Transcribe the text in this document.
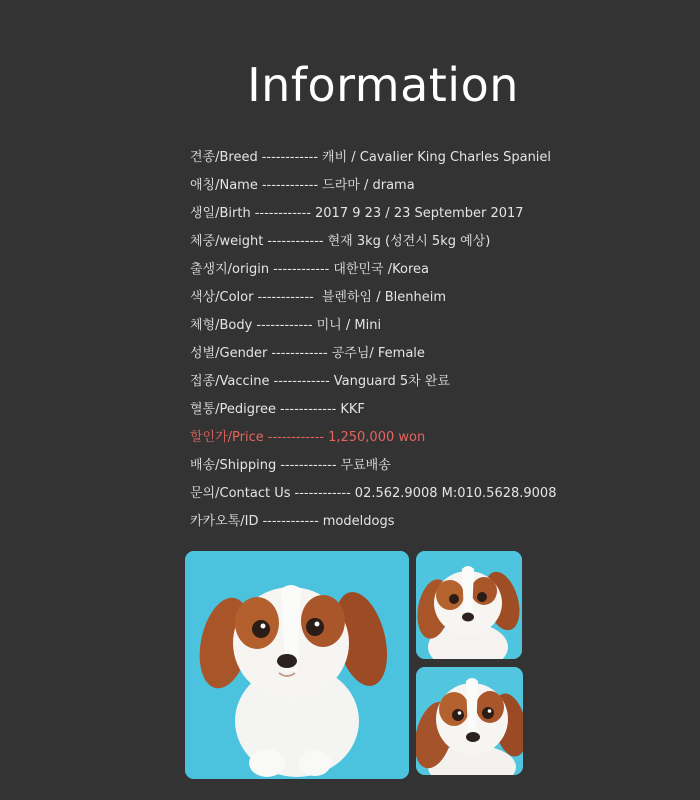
Information
견종/Breed ------------ 캐비 / Cavalier King Charles Spaniel
애칭/Name ------------ 드라마 / drama
생일/Birth ------------ 2017 9 23 / 23 September 2017
체중/weight ------------ 현재 3kg (성견시 5kg 예상)
출생지/origin ------------ 대한민국 /Korea
색상/Color ------------ 블렌하임 / Blenheim
체형/Body ------------ 미니 / Mini
성별/Gender ------------ 공주님/ Female
접종/Vaccine ------------ Vanguard 5차 완료
혈통/Pedigree ------------ KKF
할인가/Price ------------ 1,250,000 won
배송/Shipping ------------ 무료배송
문의/Contact Us ------------ 02.562.9008 M:010.5628.9008
카카오톡/ID ------------ modeldogs
